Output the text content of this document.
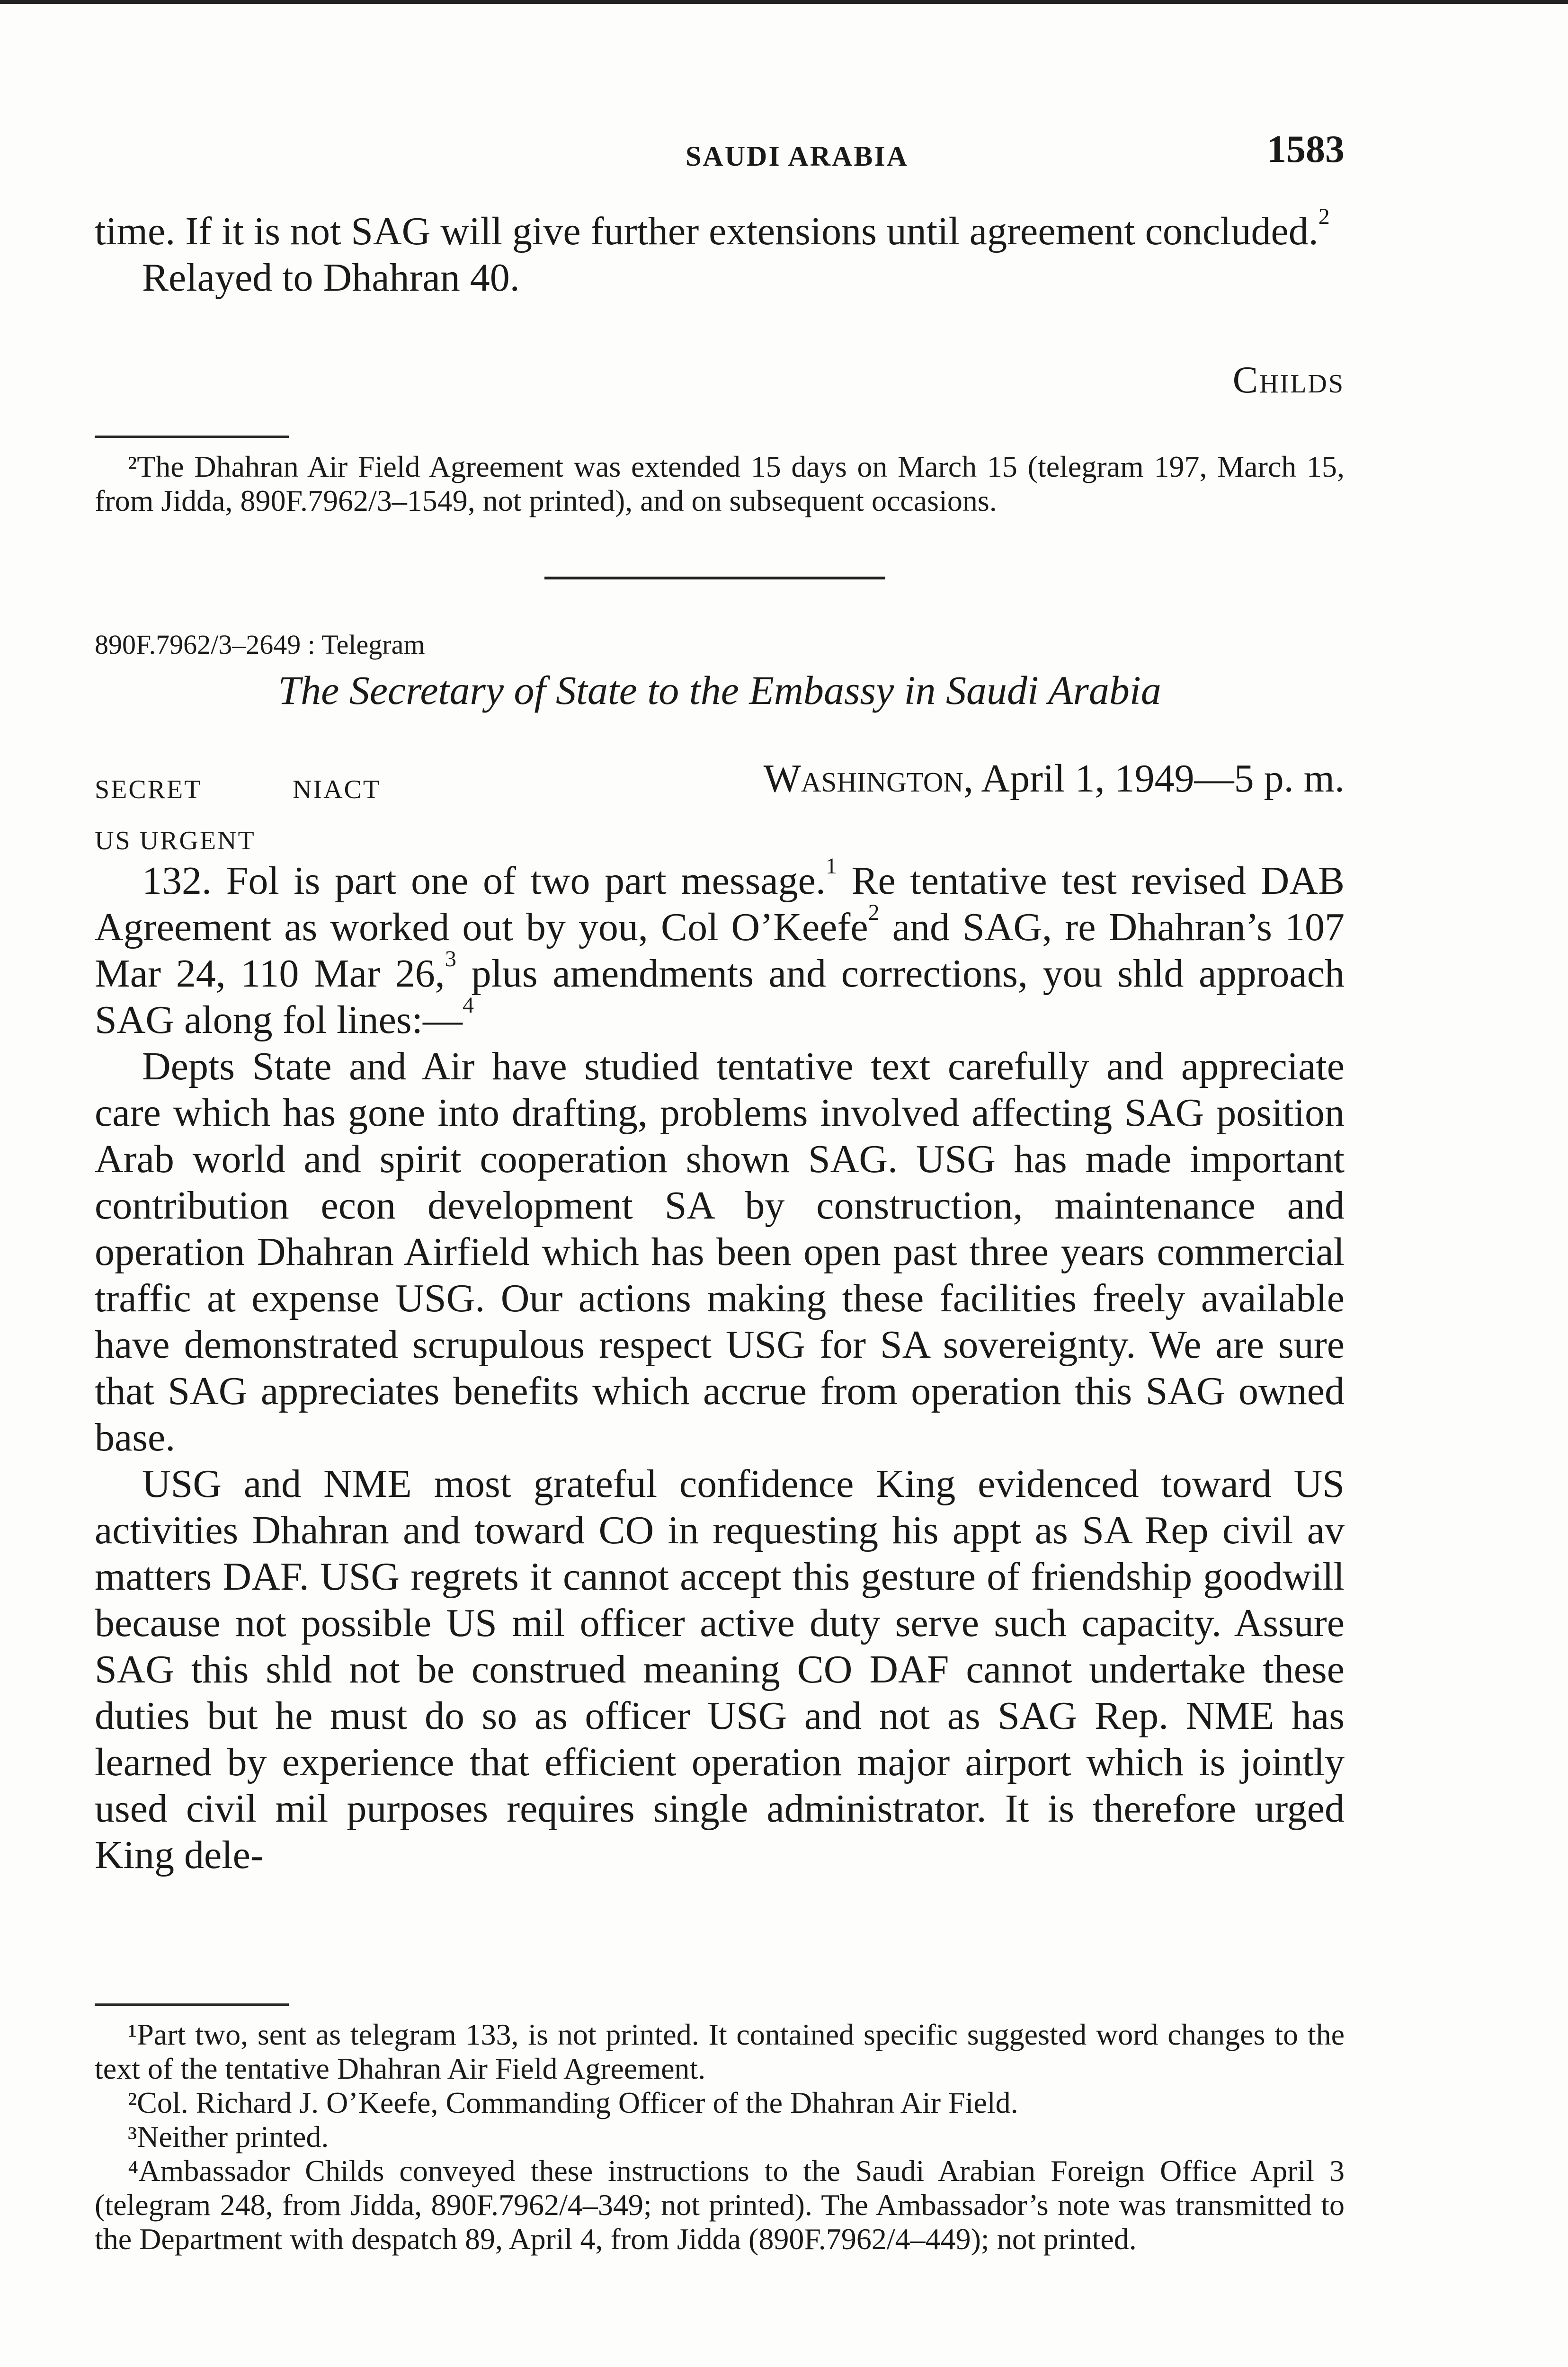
SAUDI ARABIA	1583

time. If it is not SAG will give further extensions until agreement concluded.$^2$

Relayed to Dhahran 40.

Childs

²The Dhahran Air Field Agreement was extended 15 days on March 15 (telegram 197, March 15, from Jidda, 890F.7962/3–1549, not printed), and on subsequent occasions.

890F.7962/3–2649 : Telegram
The Secretary of State to the Embassy in Saudi Arabia
SECRET	NIACT
US URGENT
Washington, April 1, 1949—5 p. m.

132. Fol is part one of two part message.$^1$ Re tentative test revised DAB Agreement as worked out by you, Col O’Keefe$^2$ and SAG, re Dhahran’s 107 Mar 24, 110 Mar 26,$^3$ plus amendments and corrections, you shld approach SAG along fol lines:—$^4$

Depts State and Air have studied tentative text carefully and appreciate care which has gone into drafting, problems involved affecting SAG position Arab world and spirit cooperation shown SAG. USG has made important contribution econ development SA by construction, maintenance and operation Dhahran Airfield which has been open past three years commercial traffic at expense USG. Our actions making these facilities freely available have demonstrated scrupulous respect USG for SA sovereignty. We are sure that SAG appreciates benefits which accrue from operation this SAG owned base.

USG and NME most grateful confidence King evidenced toward US activities Dhahran and toward CO in requesting his appt as SA Rep civil av matters DAF. USG regrets it cannot accept this gesture of friendship goodwill because not possible US mil officer active duty serve such capacity. Assure SAG this shld not be construed meaning CO DAF cannot undertake these duties but he must do so as officer USG and not as SAG Rep. NME has learned by experience that efficient operation major airport which is jointly used civil mil purposes requires single administrator. It is therefore urged King dele-

¹Part two, sent as telegram 133, is not printed. It contained specific suggested word changes to the text of the tentative Dhahran Air Field Agreement.

²Col. Richard J. O’Keefe, Commanding Officer of the Dhahran Air Field.

³Neither printed.

⁴Ambassador Childs conveyed these instructions to the Saudi Arabian Foreign Office April 3 (telegram 248, from Jidda, 890F.7962/4–349; not printed). The Ambassador’s note was transmitted to the Department with despatch 89, April 4, from Jidda (890F.7962/4–449); not printed.
